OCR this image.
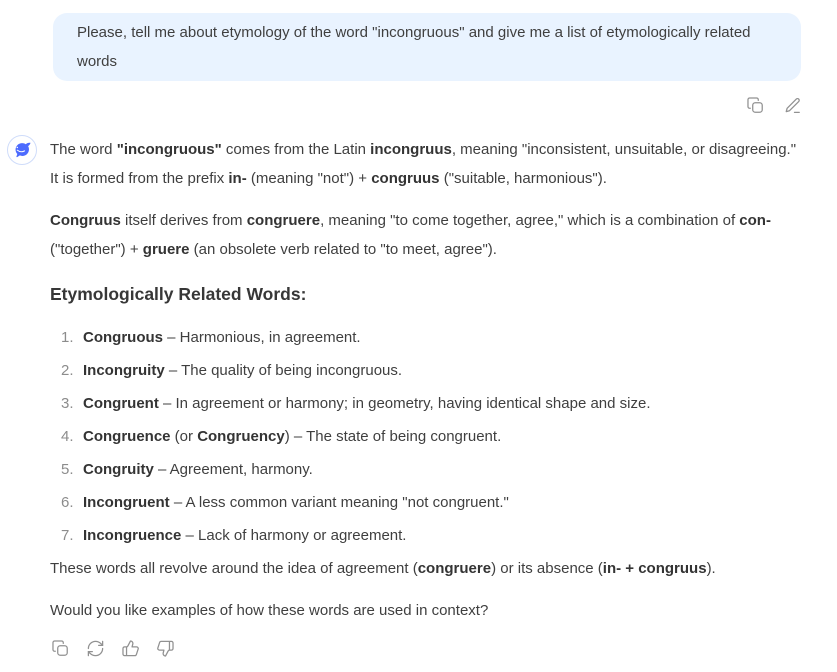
Please, tell me about etymology of the word "incongruous" and give me a list of etymologically related words

The word "incongruous" comes from the Latin incongruus, meaning "inconsistent, unsuitable, or disagreeing." It is formed from the prefix in- (meaning "not") + congruus ("suitable, harmonious").

Congruus itself derives from congruere, meaning "to come together, agree," which is a combination of con- ("together") + gruere (an obsolete verb related to "to meet, agree").

Etymologically Related Words:
1. Congruous – Harmonious, in agreement.
2. Incongruity – The quality of being incongruous.
3. Congruent – In agreement or harmony; in geometry, having identical shape and size.
4. Congruence (or Congruency) – The state of being congruent.
5. Congruity – Agreement, harmony.
6. Incongruent – A less common variant meaning "not congruent."
7. Incongruence – Lack of harmony or agreement.

These words all revolve around the idea of agreement (congruere) or its absence (in- + congruus).

Would you like examples of how these words are used in context?
